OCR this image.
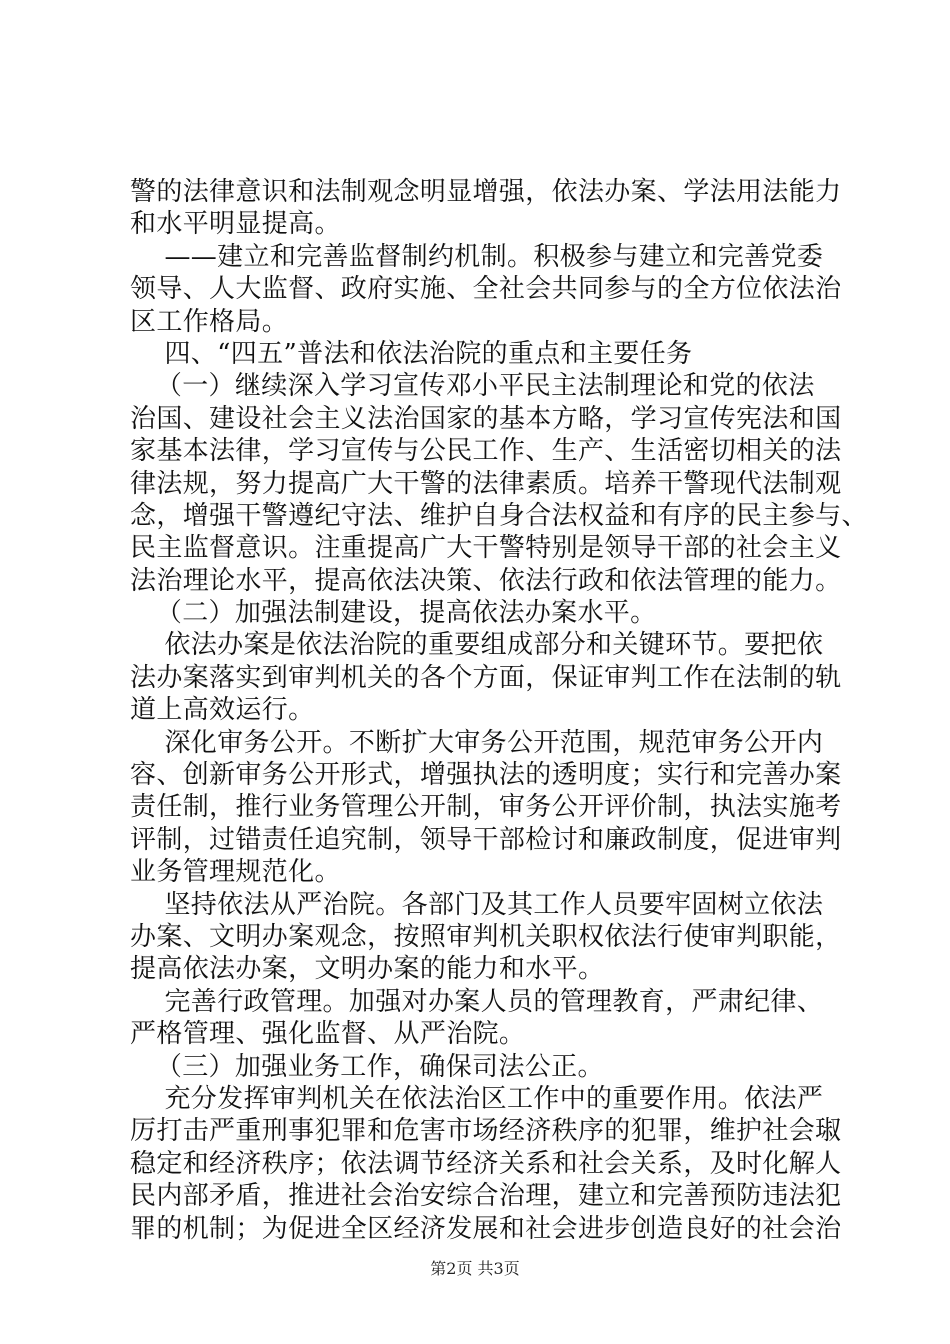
警的法律意识和法制观念明显增强，依法办案、学法用法能力
和水平明显提高。
——建立和完善监督制约机制。积极参与建立和完善党委
领导、人大监督、政府实施、全社会共同参与的全方位依法治
区工作格局。
四、“四五”普法和依法治院的重点和主要任务
（一）继续深入学习宣传邓小平民主法制理论和党的依法
治国、建设社会主义法治国家的基本方略，学习宣传宪法和国
家基本法律，学习宣传与公民工作、生产、生活密切相关的法
律法规，努力提高广大干警的法律素质。培养干警现代法制观
念，增强干警遵纪守法、维护自身合法权益和有序的民主参与、
民主监督意识。注重提高广大干警特别是领导干部的社会主义
法治理论水平，提高依法决策、依法行政和依法管理的能力。
（二）加强法制建设，提高依法办案水平。
依法办案是依法治院的重要组成部分和关键环节。要把依
法办案落实到审判机关的各个方面，保证审判工作在法制的轨
道上高效运行。
深化审务公开。不断扩大审务公开范围，规范审务公开内
容、创新审务公开形式，增强执法的透明度；实行和完善办案
责任制，推行业务管理公开制，审务公开评价制，执法实施考
评制，过错责任追究制，领导干部检讨和廉政制度，促进审判
业务管理规范化。
坚持依法从严治院。各部门及其工作人员要牢固树立依法
办案、文明办案观念，按照审判机关职权依法行使审判职能，
提高依法办案，文明办案的能力和水平。
完善行政管理。加强对办案人员的管理教育，严肃纪律、
严格管理、强化监督、从严治院。
（三）加强业务工作，确保司法公正。
充分发挥审判机关在依法治区工作中的重要作用。依法严
厉打击严重刑事犯罪和危害市场经济秩序的犯罪，维护社会琡
稳定和经济秩序；依法调节经济关系和社会关系，及时化解人
民内部矛盾，推进社会治安综合治理，建立和完善预防违法犯
罪的机制；为促进全区经济发展和社会进步创造良好的社会治
第2页 共3页
